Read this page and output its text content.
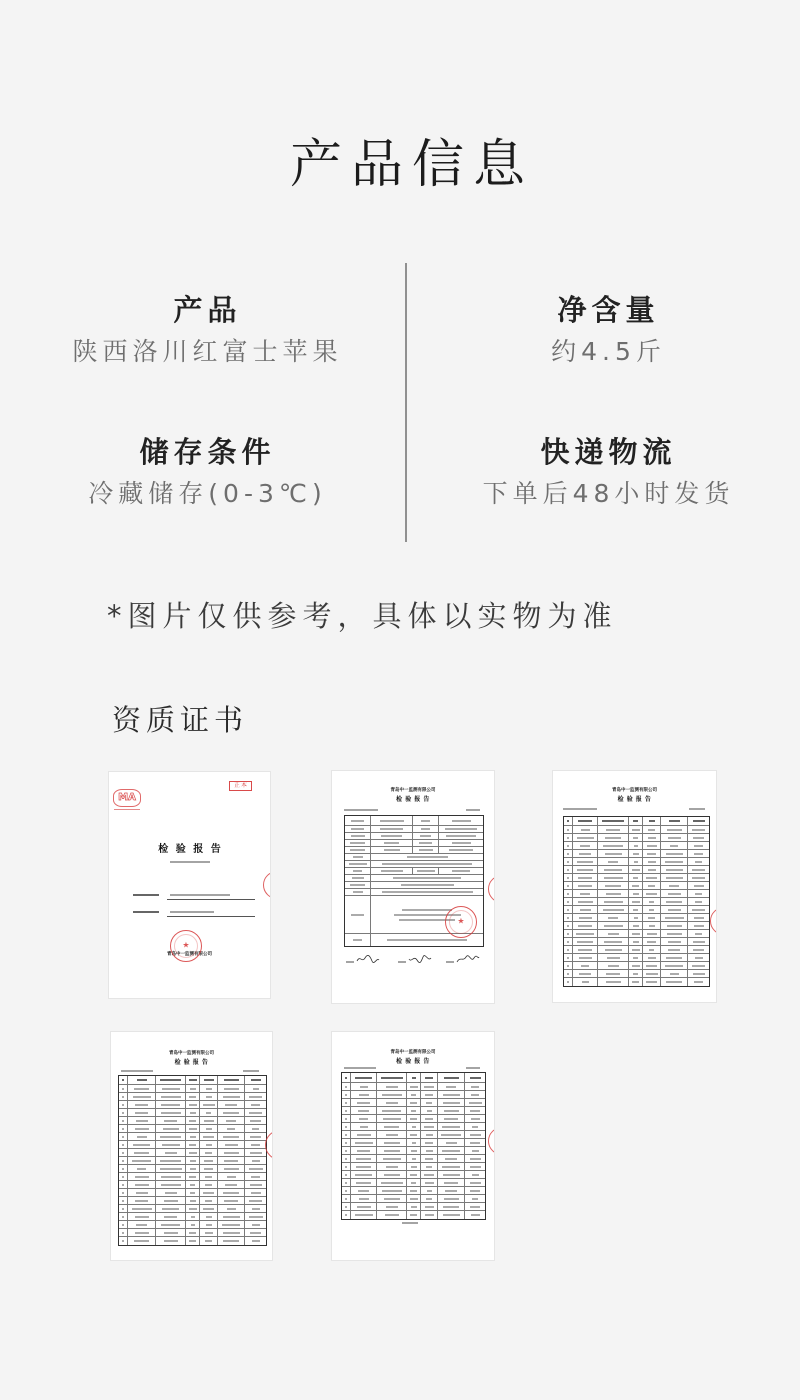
产品信息
产品
陕西洛川红富士苹果
储存条件
冷藏储存(0-3℃)
净含量
约4.5斤
快递物流
下单后48小时发货
*图片仅供参考，具体以实物为准
资质证书
MA
正本
检 验 报 告
青岛中一监测有限公司
★
青岛中一监测有限公司
检 验 报 告
★
青岛中一监测有限公司
检 验 报 告
青岛中一监测有限公司
检 验 报 告
青岛中一监测有限公司
检 验 报 告
